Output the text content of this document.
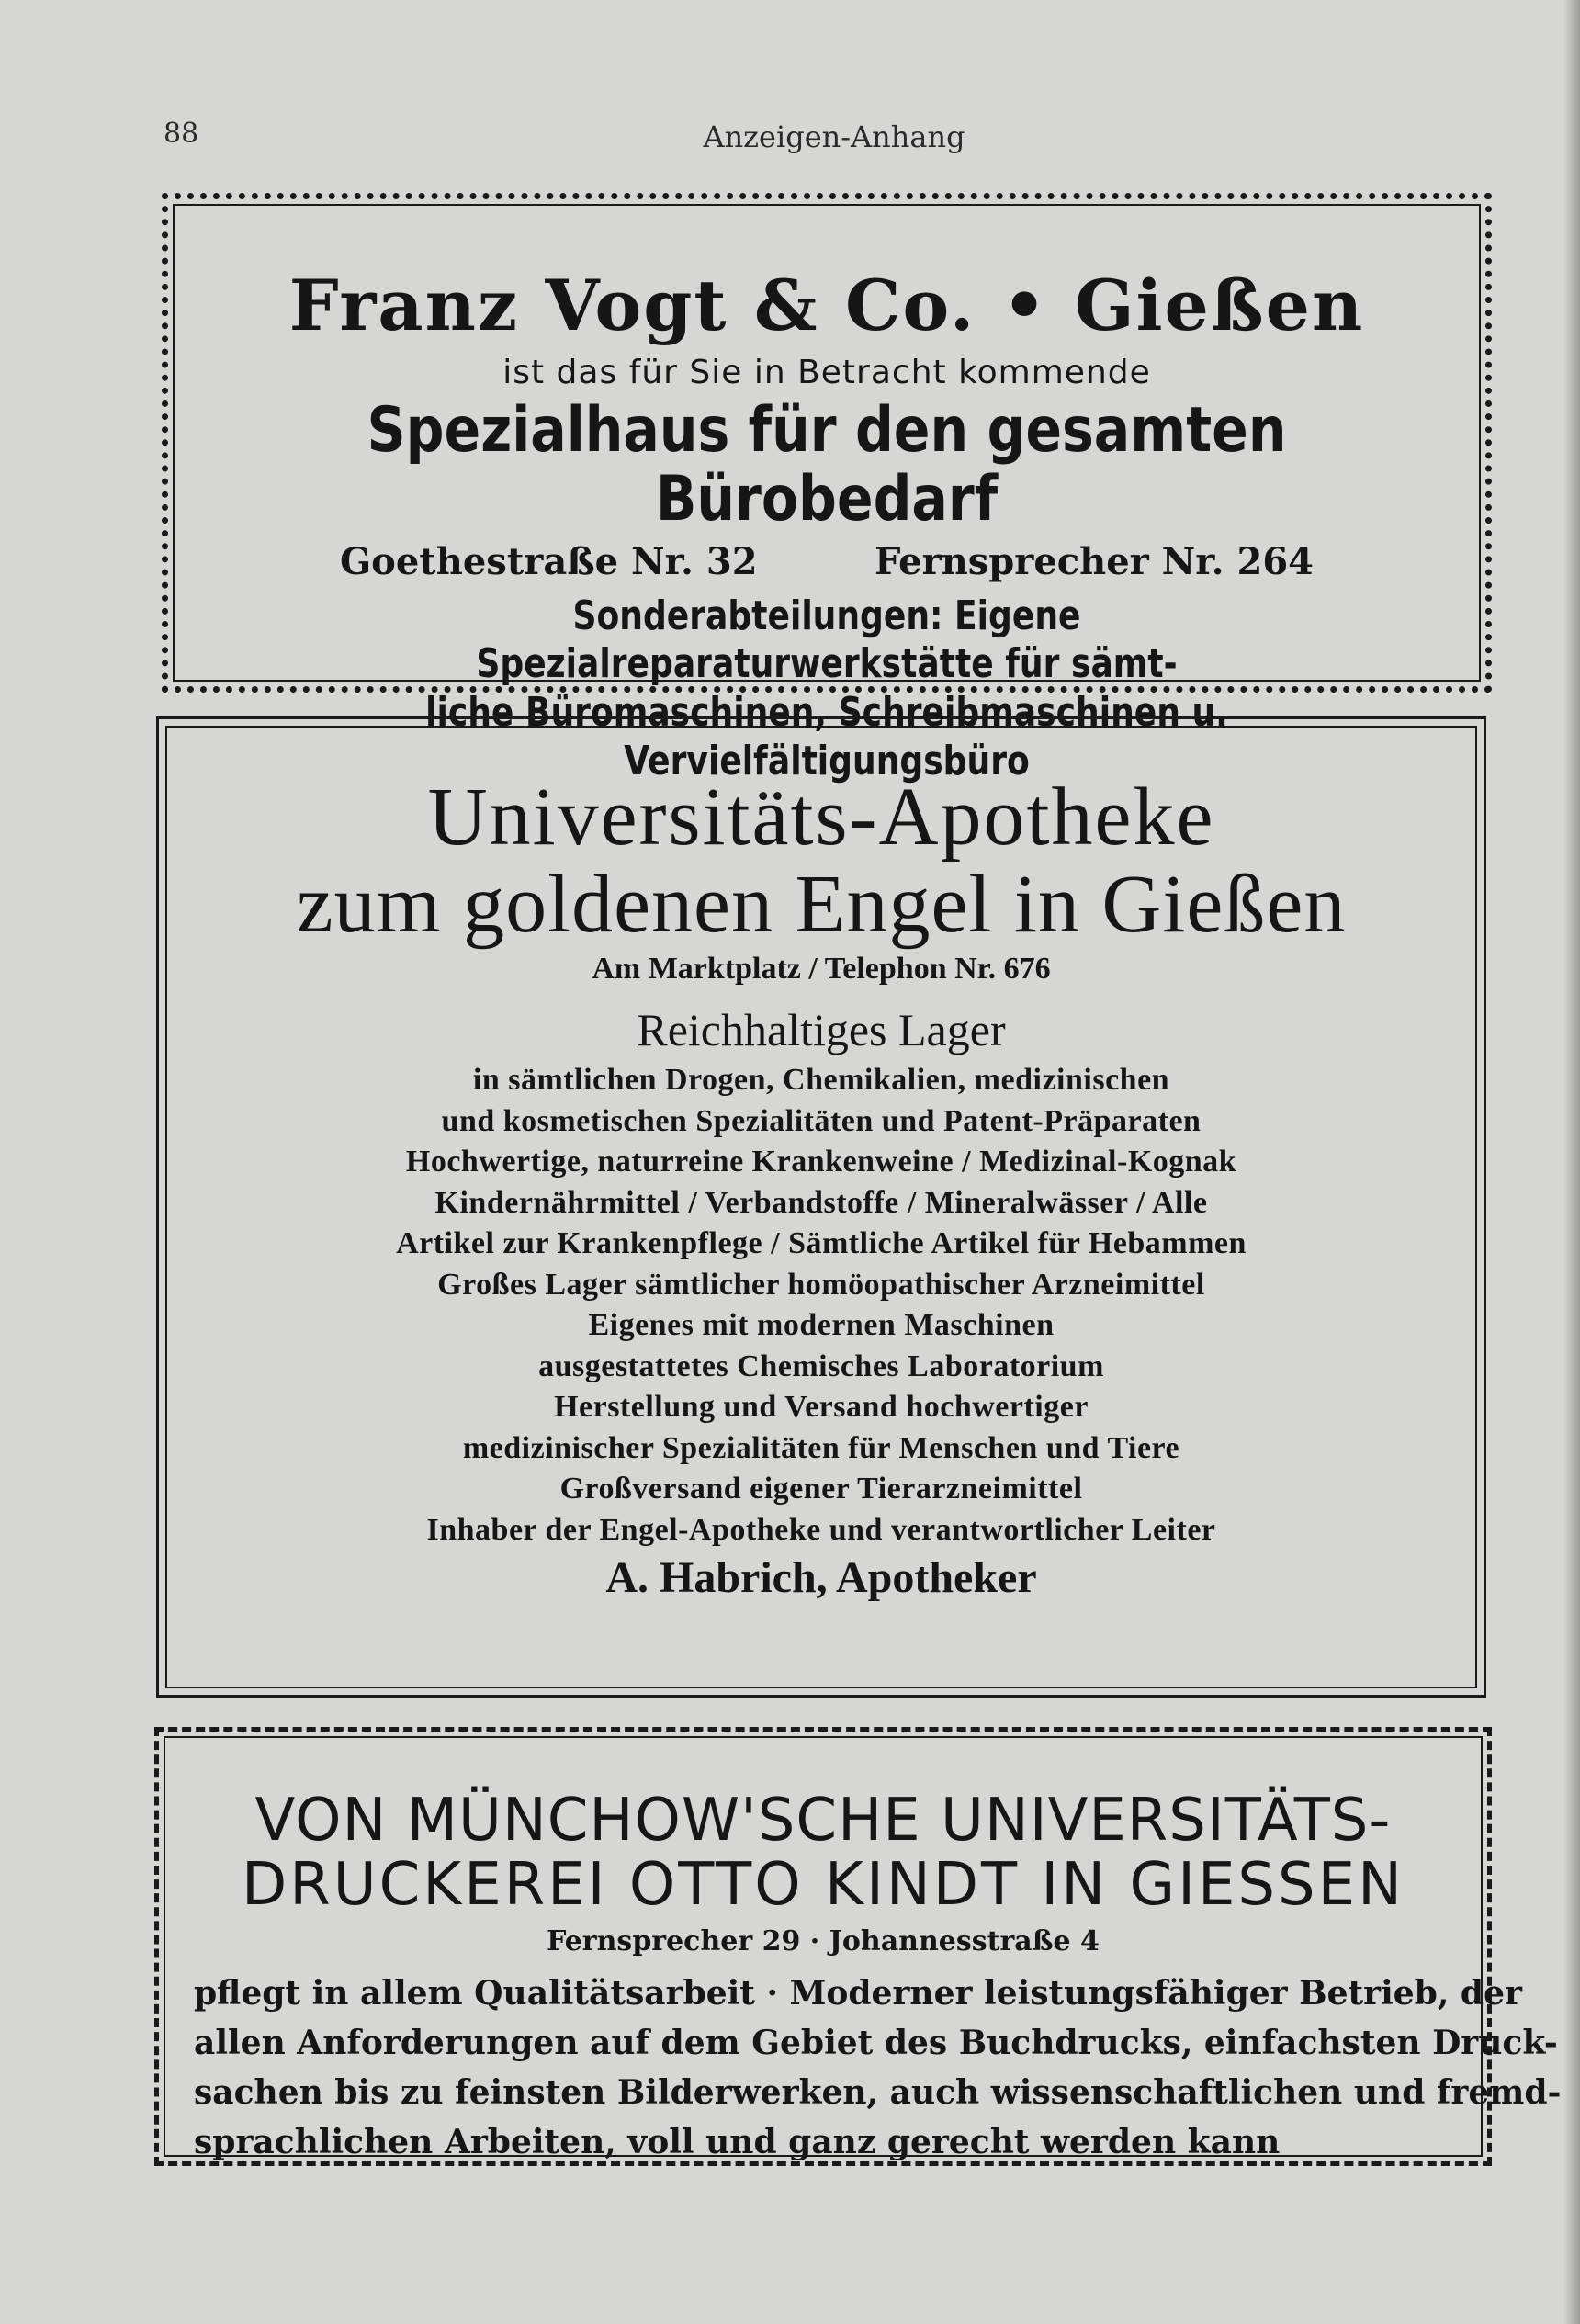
88	Anzeigen-Anhang
Franz Vogt & Co. • Gießen
ist das für Sie in Betracht kommende
Spezialhaus für den gesamten Bürobedarf
Goethestraße Nr. 32	Fernsprecher Nr. 264
Sonderabteilungen: Eigene Spezialreparaturwerkstätte für sämt-
liche Büromaschinen, Schreibmaschinen u. Vervielfältigungsbüro
Universitäts-Apotheke
zum goldenen Engel in Gießen
Am Marktplatz / Telephon Nr. 676
Reichhaltiges Lager
in sämtlichen Drogen, Chemikalien, medizinischen
und kosmetischen Spezialitäten und Patent-Präparaten
Hochwertige, naturreine Krankenweine / Medizinal-Kognak
Kindernährmittel / Verbandstoffe / Mineralwässer / Alle
Artikel zur Krankenpflege / Sämtliche Artikel für Hebammen
Großes Lager sämtlicher homöopathischer Arzneimittel
Eigenes mit modernen Maschinen
ausgestattetes Chemisches Laboratorium
Herstellung und Versand hochwertiger
medizinischer Spezialitäten für Menschen und Tiere
Großversand eigener Tierarzneimittel
Inhaber der Engel-Apotheke und verantwortlicher Leiter
A. Habrich, Apotheker
VON MÜNCHOW'SCHE UNIVERSITÄTS-
DRUCKEREI OTTO KINDT IN GIESSEN
Fernsprecher 29 · Johannesstraße 4
pflegt in allem Qualitätsarbeit · Moderner leistungsfähiger Betrieb, der
allen Anforderungen auf dem Gebiet des Buchdrucks, einfachsten Druck-
sachen bis zu feinsten Bilderwerken, auch wissenschaftlichen und fremd-
sprachlichen Arbeiten, voll und ganz gerecht werden kann
